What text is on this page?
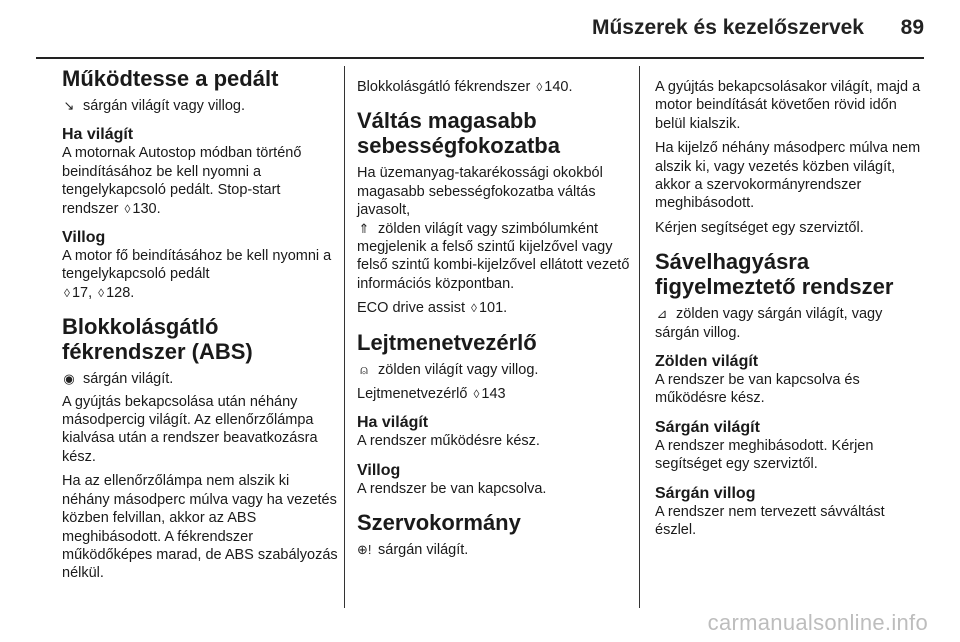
Műszerek és kezelőszervek 89
Működtesse a pedált

↘ sárgán világít vagy villog.

Ha világít

A motornak Autostop módban történő beindításához be kell nyomni a tengelykapcsoló pedált. Stop-start rendszer ◊ 130.

Villog

A motor fő beindításához be kell nyomni a tengelykapcsoló pedált
◊ 17, ◊ 128.

Blokkolásgátló
fékrendszer (ABS)

◉ sárgán világít.

A gyújtás bekapcsolása után néhány másodpercig világít. Az ellenőrzőlámpa kialvása után a rendszer beavatkozásra kész.

Ha az ellenőrzőlámpa nem alszik ki néhány másodperc múlva vagy ha vezetés közben felvillan, akkor az ABS meghibásodott. A fékrendszer működőképes marad, de ABS szabályozás nélkül.

Blokkolásgátló fékrendszer ◊ 140.

Váltás magasabb
sebességfokozatba

Ha üzemanyag-takarékossági okokból magasabb sebességfokozatba váltás javasolt,
⇑ zölden világít vagy szimbólumként megjelenik a felső szintű kijelzővel vagy felső szintű kombi-kijelzővel ellátott vezető információs központban.

ECO drive assist ◊ 101.

Lejtmenetvezérlő

⍝ zölden világít vagy villog.

Lejtmenetvezérlő ◊ 143

Ha világít

A rendszer működésre kész.

Villog

A rendszer be van kapcsolva.

Szervokormány

⊕! sárgán világít.

A gyújtás bekapcsolásakor világít, majd a motor beindítását követően rövid időn belül kialszik.

Ha kijelző néhány másodperc múlva nem alszik ki, vagy vezetés közben világít, akkor a szervokormányrendszer meghibásodott.

Kérjen segítséget egy szerviztől.

Sávelhagyásra
figyelmeztető rendszer

⊿ zölden vagy sárgán világít, vagy sárgán villog.

Zölden világít

A rendszer be van kapcsolva és működésre kész.

Sárgán világít

A rendszer meghibásodott. Kérjen segítséget egy szerviztől.

Sárgán villog

A rendszer nem tervezett sávváltást észlel.

carmanualsonline.info
